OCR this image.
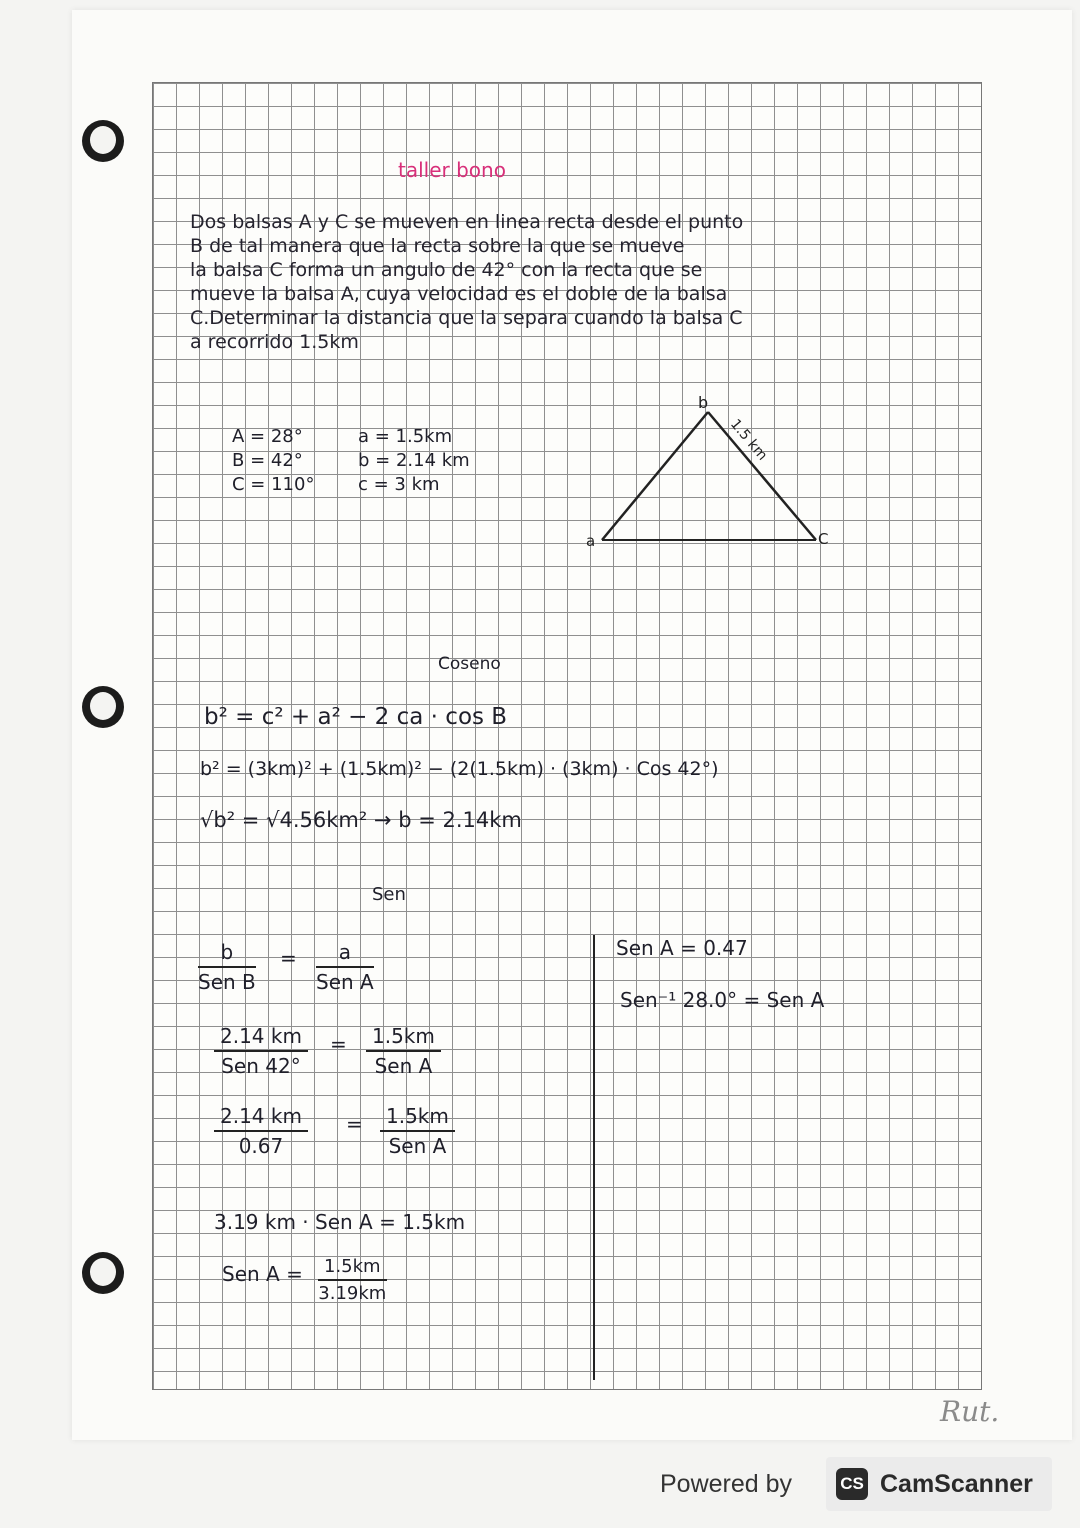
taller bono
Dos balsas A y C se mueven en linea recta desde el punto
B de tal manera que la recta sobre la que se mueve
la balsa C forma un angulo de 42° con la recta que se
mueve la balsa A, cuya velocidad es el doble de la balsa
C.Determinar la distancia que la separa cuando la balsa C
a recorrido 1.5km
A = 28°
B = 42°
C = 110°
a = 1.5km
b = 2.14 km
c = 3 km
b
a	C
1.5 km
Coseno
b² = c² + a² − 2 ca · cos B
b² = (3km)² + (1.5km)² − (2(1.5km) · (3km) · Cos 42°)
√b² = √4.56km² → b = 2.14km
Sen
b
Sen B
=	a
Sen A
2.14 km
Sen 42°
=	1.5km
Sen A
$\frac{2.14 km}{0.67}$ =	1.5km
Sen A
3.19 km · Sen A = 1.5km
Sen $A = \frac{1.5km}{3.19km}$
Sen A = 0.47
Sen⁻¹ 28.0° = Sen A
Rut.
Powered by	CS CamScanner
